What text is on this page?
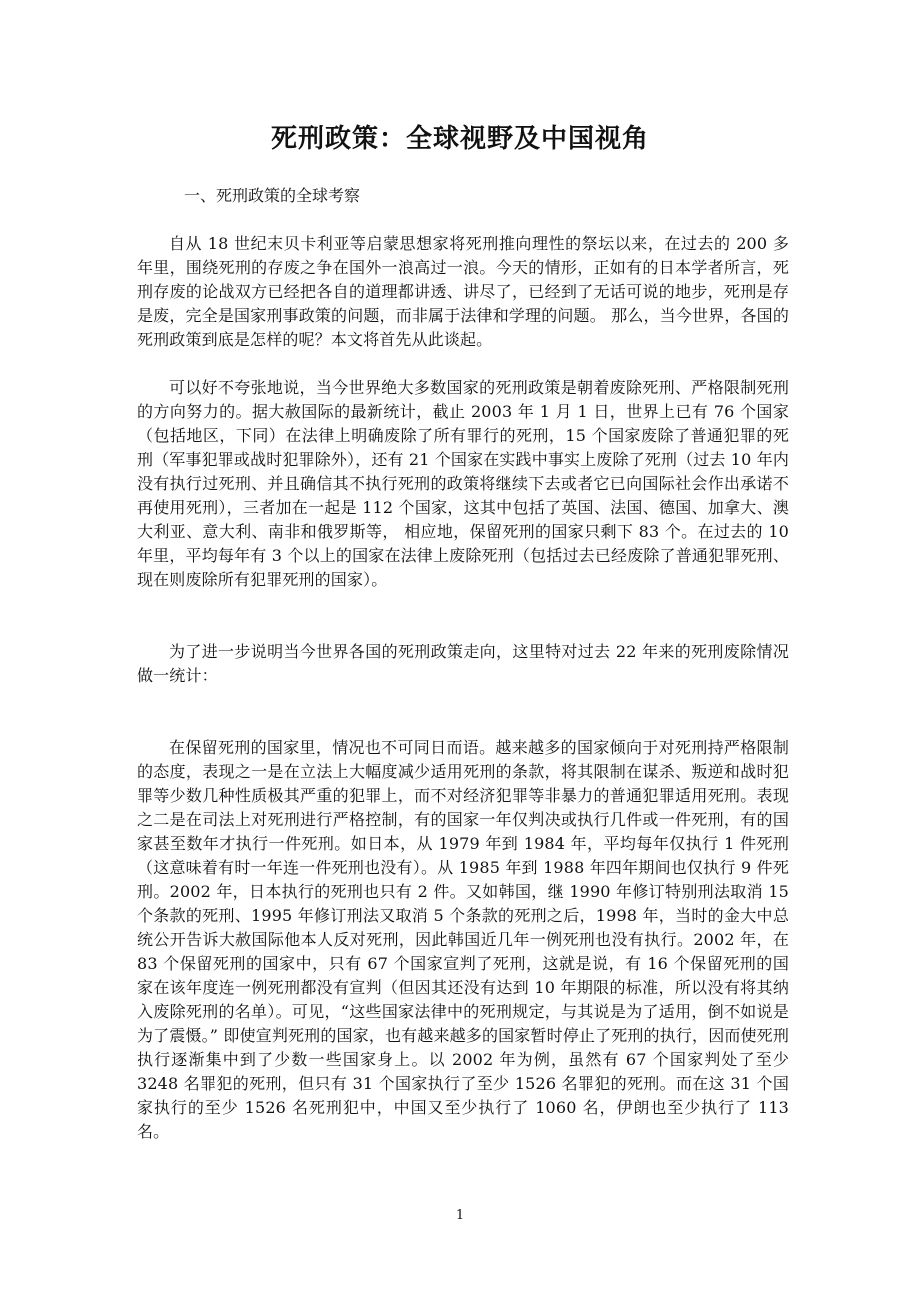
死刑政策：全球视野及中国视角
一、死刑政策的全球考察

自从 18 世纪末贝卡利亚等启蒙思想家将死刑推向理性的祭坛以来，在过去的 200 多年里，围绕死刑的存废之争在国外一浪高过一浪。今天的情形，正如有的日本学者所言，死刑存废的论战双方已经把各自的道理都讲透、讲尽了，已经到了无话可说的地步，死刑是存是废，完全是国家刑事政策的问题，而非属于法律和学理的问题。 那么，当今世界，各国的死刑政策到底是怎样的呢？本文将首先从此谈起。

可以好不夸张地说，当今世界绝大多数国家的死刑政策是朝着废除死刑、严格限制死刑的方向努力的。据大赦国际的最新统计，截止 2003 年 1 月 1 日，世界上已有 76 个国家（包括地区，下同）在法律上明确废除了所有罪行的死刑，15 个国家废除了普通犯罪的死刑（军事犯罪或战时犯罪除外），还有 21 个国家在实践中事实上废除了死刑（过去 10 年内没有执行过死刑、并且确信其不执行死刑的政策将继续下去或者它已向国际社会作出承诺不再使用死刑），三者加在一起是 112 个国家，这其中包括了英国、法国、德国、加拿大、澳大利亚、意大利、南非和俄罗斯等， 相应地，保留死刑的国家只剩下 83 个。在过去的 10 年里，平均每年有 3 个以上的国家在法律上废除死刑（包括过去已经废除了普通犯罪死刑、现在则废除所有犯罪死刑的国家）。

为了进一步说明当今世界各国的死刑政策走向，这里特对过去 22 年来的死刑废除情况做一统计：

在保留死刑的国家里，情况也不可同日而语。越来越多的国家倾向于对死刑持严格限制的态度，表现之一是在立法上大幅度减少适用死刑的条款，将其限制在谋杀、叛逆和战时犯罪等少数几种性质极其严重的犯罪上，而不对经济犯罪等非暴力的普通犯罪适用死刑。表现之二是在司法上对死刑进行严格控制，有的国家一年仅判决或执行几件或一件死刑，有的国家甚至数年才执行一件死刑。如日本，从 1979 年到 1984 年，平均每年仅执行 1 件死刑（这意味着有时一年连一件死刑也没有）。从 1985 年到 1988 年四年期间也仅执行 9 件死刑。2002 年，日本执行的死刑也只有 2 件。又如韩国，继 1990 年修订特别刑法取消 15 个条款的死刑、1995 年修订刑法又取消 5 个条款的死刑之后，1998 年，当时的金大中总统公开告诉大赦国际他本人反对死刑，因此韩国近几年一例死刑也没有执行。2002 年，在 83 个保留死刑的国家中，只有 67 个国家宣判了死刑，这就是说，有 16 个保留死刑的国家在该年度连一例死刑都没有宣判（但因其还没有达到 10 年期限的标准，所以没有将其纳入废除死刑的名单）。可见，“这些国家法律中的死刑规定，与其说是为了适用，倒不如说是为了震慑。” 即使宣判死刑的国家，也有越来越多的国家暂时停止了死刑的执行，因而使死刑执行逐渐集中到了少数一些国家身上。以 2002 年为例，虽然有 67 个国家判处了至少 3248 名罪犯的死刑，但只有 31 个国家执行了至少 1526 名罪犯的死刑。而在这 31 个国家执行的至少 1526 名死刑犯中，中国又至少执行了 1060 名，伊朗也至少执行了 113 名。

1
